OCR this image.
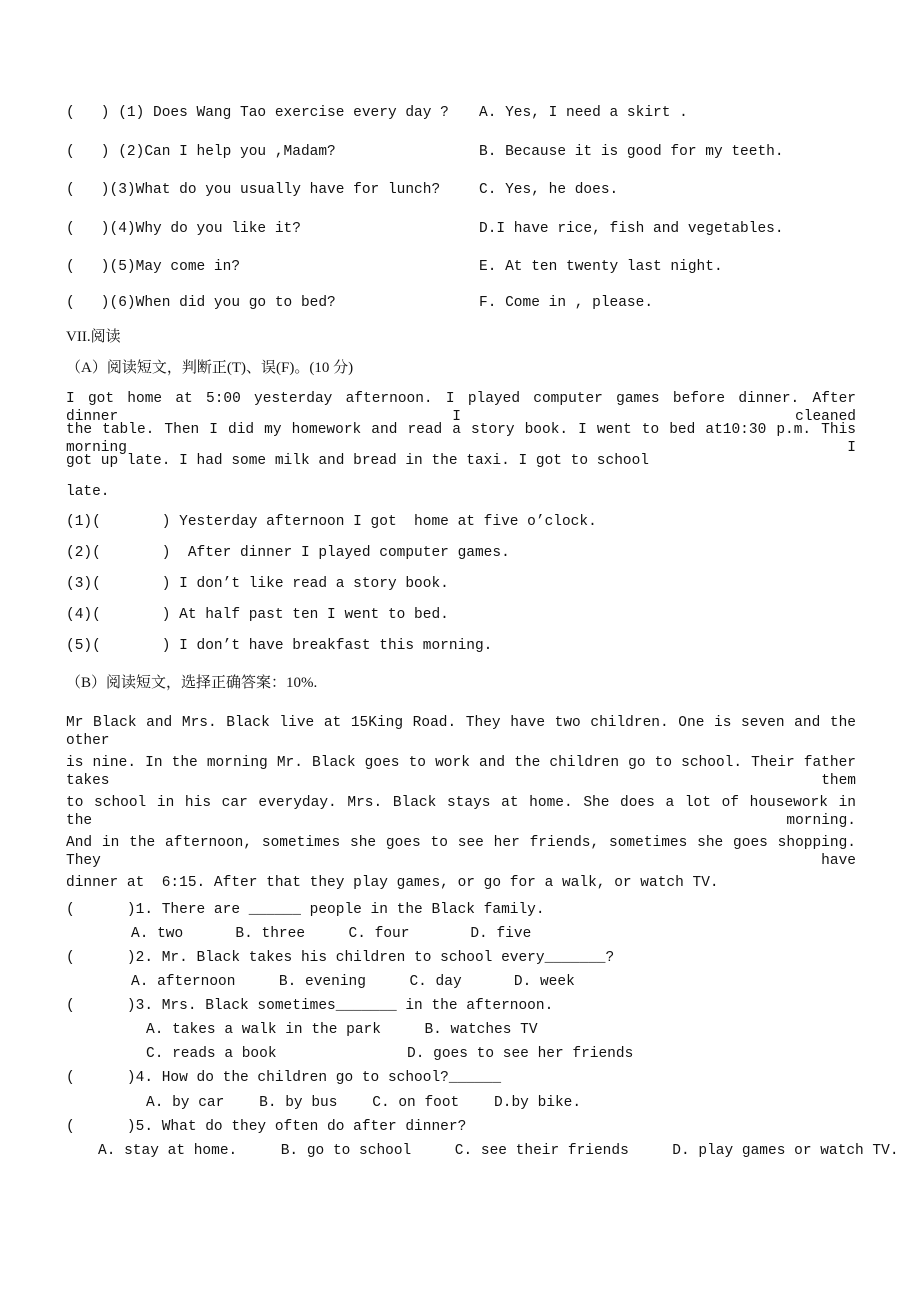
(   ) (1) Does Wang Tao exercise every day ? A. Yes, I need a skirt .
(   ) (2)Can I help you ,Madam?	B. Because it is good for my teeth.
(   )(3)What do you usually have for lunch?	C. Yes, he does.
(   )(4)Why do you like it?	D.I have rice, fish and vegetables.
(   )(5)May come in?	E. At ten twenty last night.
(   )(6)When did you go to bed?	F. Come in , please.
VII.阅读
（A）阅读短文，判断正(T)、误(F)。(10 分)
I got home at 5:00 yesterday afternoon. I played computer games before dinner. After dinner I cleaned
the table. Then I did my homework and read a story book. I went to bed at10:30 p.m. This morning I
got up late. I had some milk and bread in the taxi. I got to school
late.
(1)(       ) Yesterday afternoon I got  home at five o’clock.
(2)(       )  After dinner I played computer games.
(3)(       ) I don’t like read a story book.
(4)(       ) At half past ten I went to bed.
(5)(       ) I don’t have breakfast this morning.
（B）阅读短文，选择正确答案：10%.
Mr Black and Mrs. Black live at 15King Road. They have two children. One is seven and the other
is nine. In the morning Mr. Black goes to work and the children go to school. Their father takes them
to school in his car everyday. Mrs. Black stays at home. She does a lot of housework in the morning.
And in the afternoon, sometimes she goes to see her friends, sometimes she goes shopping. They have
dinner at  6:15. After that they play games, or go for a walk, or watch TV.
(      )1. There are ______ people in the Black family.
A. two      B. three     C. four       D. five
(      )2. Mr. Black takes his children to school every_______?
A. afternoon     B. evening     C. day      D. week
(      )3. Mrs. Black sometimes_______ in the afternoon.
A. takes a walk in the park     B. watches TV
C. reads a book               D. goes to see her friends
(      )4. How do the children go to school?______
A. by car    B. by bus    C. on foot    D.by bike.
(      )5. What do they often do after dinner?
A. stay at home.     B. go to school     C. see their friends     D. play games or watch TV.
